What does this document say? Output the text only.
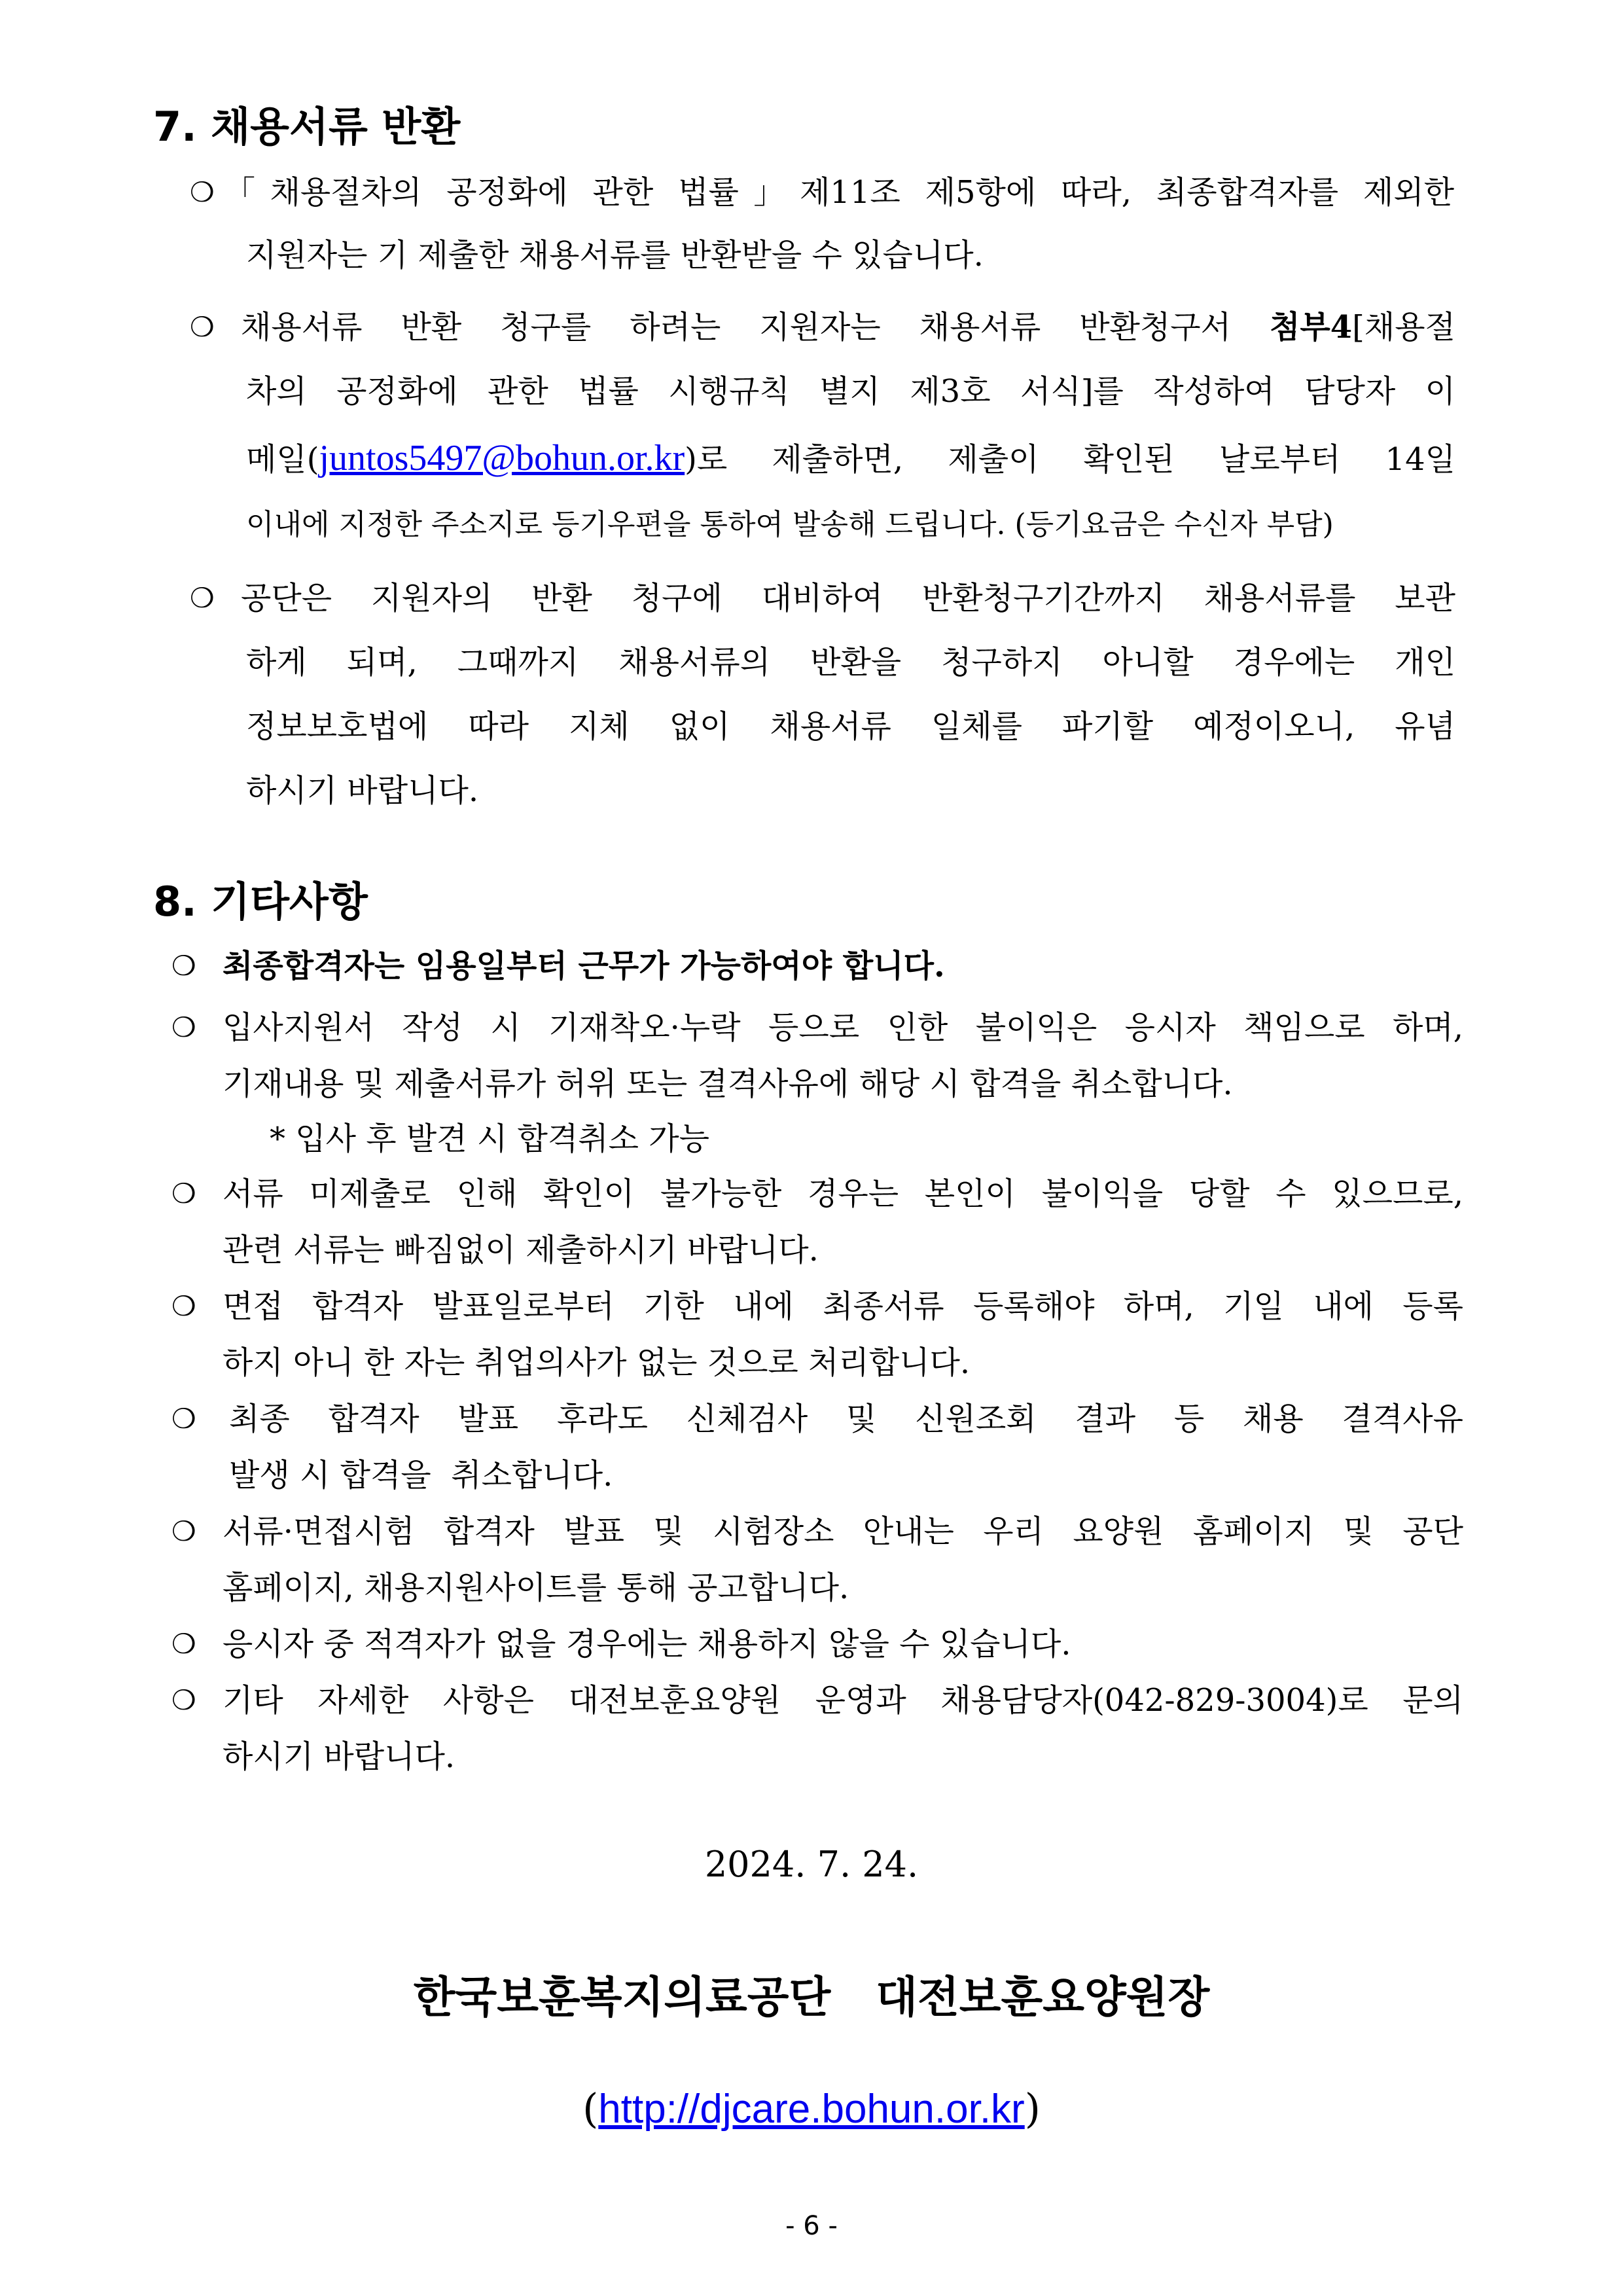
7. 채용서류 반환
❍ 「채용절차의 공정화에 관한 법률」제11조 제5항에 따라, 최종합격자를 제외한
지원자는 기 제출한 채용서류를 반환받을 수 있습니다.
❍ 채용서류 반환 청구를 하려는 지원자는 채용서류 반환청구서 첨부4[채용절
차의 공정화에 관한 법률 시행규칙 별지 제3호 서식]를 작성하여 담당자 이
메일(juntos5497@bohun.or.kr)로 제출하면, 제출이 확인된 날로부터 14일
이내에 지정한 주소지로 등기우편을 통하여 발송해 드립니다. (등기요금은 수신자 부담)
❍ 공단은 지원자의 반환 청구에 대비하여 반환청구기간까지 채용서류를 보관
하게 되며, 그때까지 채용서류의 반환을 청구하지 아니할 경우에는 개인
정보보호법에 따라 지체 없이 채용서류 일체를 파기할 예정이오니, 유념
하시기 바랍니다.
8. 기타사항
❍ 최종합격자는 임용일부터 근무가 가능하여야 합니다.
❍ 입사지원서 작성 시 기재착오·누락 등으로 인한 불이익은 응시자 책임으로 하며,
기재내용 및 제출서류가 허위 또는 결격사유에 해당 시 합격을 취소합니다.
* 입사 후 발견 시 합격취소 가능
❍ 서류 미제출로 인해 확인이 불가능한 경우는 본인이 불이익을 당할 수 있으므로,
관련 서류는 빠짐없이 제출하시기 바랍니다.
❍ 면접 합격자 발표일로부터 기한 내에 최종서류 등록해야 하며, 기일 내에 등록
하지 아니 한 자는 취업의사가 없는 것으로 처리합니다.
❍ 최종 합격자 발표 후라도 신체검사 및 신원조회 결과 등 채용 결격사유
발생 시 합격을  취소합니다.
❍ 서류·면접시험 합격자 발표 및 시험장소 안내는 우리 요양원 홈페이지 및 공단
홈페이지, 채용지원사이트를 통해 공고합니다.
❍ 응시자 중 적격자가 없을 경우에는 채용하지 않을 수 있습니다.
❍ 기타 자세한 사항은 대전보훈요양원 운영과 채용담당자(042-829-3004)로 문의
하시기 바랍니다.
2024. 7. 24.
한국보훈복지의료공단   대전보훈요양원장
(http://djcare.bohun.or.kr)
- 6 -
